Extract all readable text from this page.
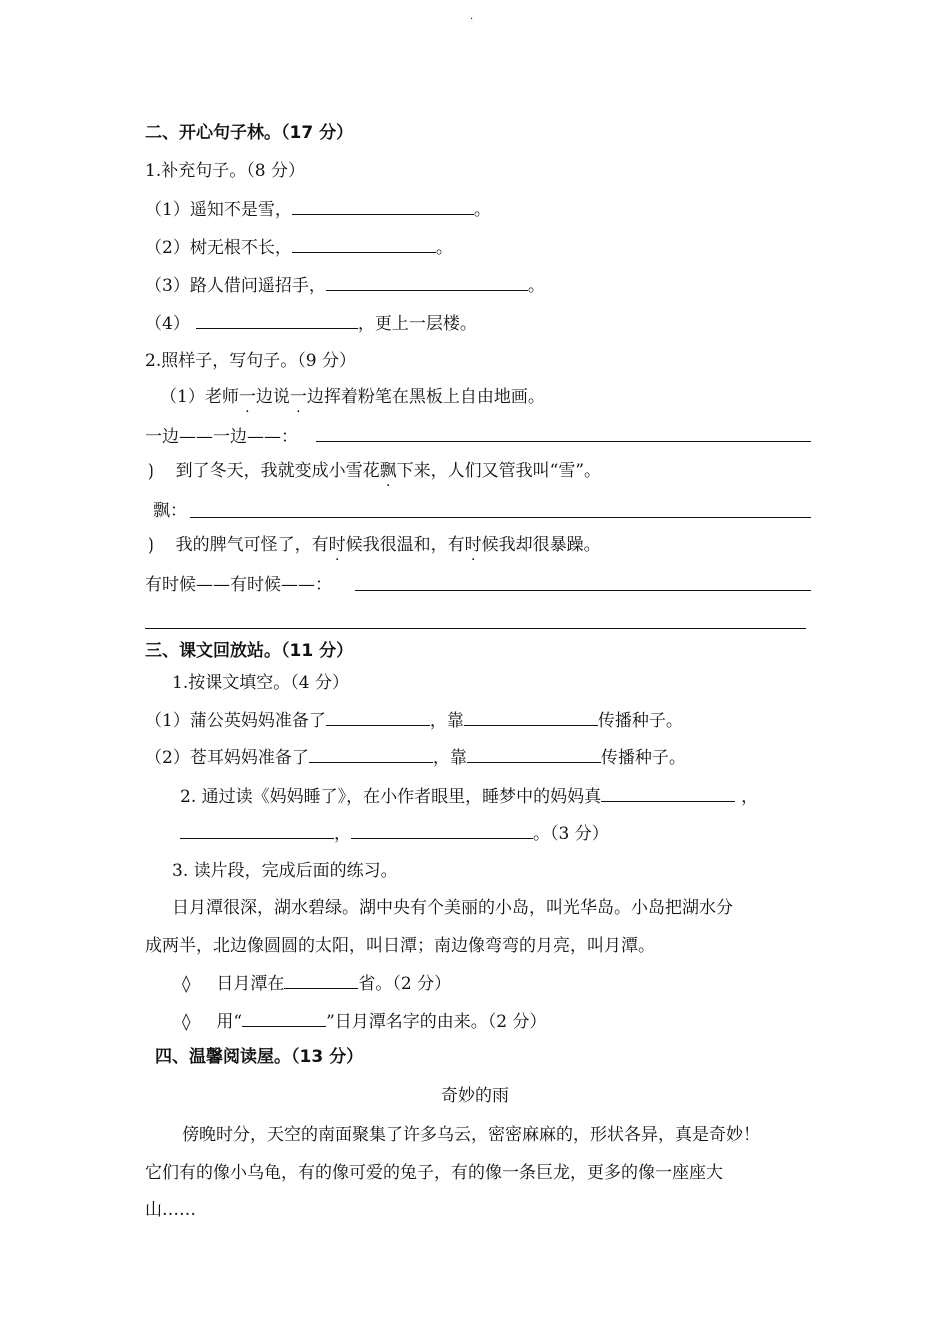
·
二、开心句子林。（17 分）
1.补充句子。（8 分）
（1）遥知不是雪，	。
（2）树无根不长，	。
（3）路人借问遥招手，	。
（4）	，更上一层楼。
2.照样子，写句子。（9 分）
（1）老师一边说一边挥着粉笔在黑板上自由地画。
一边——一边——：
⟯ 到了冬天，我就变成小雪花飘下来，人们又管我叫“雪”。
飘：
⟯ 我的脾气可怪了，有时候我很温和，有时候我却很暴躁。
有时候——有时候——：
三、课文回放站。（11 分）
1.按课文填空。（4 分）
（1）蒲公英妈妈准备了	，靠	传播种子。
（2）苍耳妈妈准备了	，靠	传播种子。
2. 通过读《妈妈睡了》，在小作者眼里，睡梦中的妈妈真	，
，	。（3 分）
3. 读片段，完成后面的练习。
日月潭很深，湖水碧绿。湖中央有个美丽的小岛，叫光华岛。小岛把湖水分
成两半，北边像圆圆的太阳，叫日潭；南边像弯弯的月亮，叫月潭。
◊ 日月潭在	省。（2 分）
◊ 用“	”日月潭名字的由来。（2 分）
四、温馨阅读屋。（13 分）
奇妙的雨
傍晚时分，天空的南面聚集了许多乌云，密密麻麻的，形状各异，真是奇妙！
它们有的像小乌龟，有的像可爱的兔子，有的像一条巨龙，更多的像一座座大
山……
